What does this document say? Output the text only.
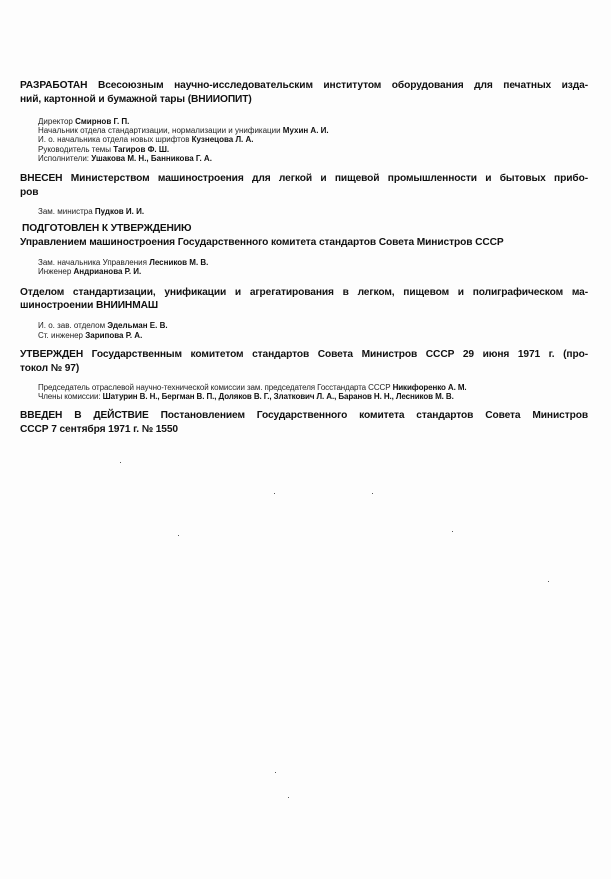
РАЗРАБОТАН Всесоюзным научно-исследовательским институтом оборудования для печатных изда-
ний, картонной и бумажной тары (ВНИИОПИТ)
Директор Смирнов Г. П.
Начальник отдела стандартизации, нормализации и унификации Мухин А. И.
И. о. начальника отдела новых шрифтов Кузнецова Л. А.
Руководитель темы Тагиров Ф. Ш.
Исполнители: Ушакова М. Н., Банникова Г. А.
ВНЕСЕН Министерством машиностроения для легкой и пищевой промышленности и бытовых прибо-
ров
Зам. министра Пудков И. И.
ПОДГОТОВЛЕН К УТВЕРЖДЕНИЮ
Управлением машиностроения Государственного комитета стандартов Совета Министров СССР
Зам. начальника Управления Лесников М. В.
Инженер Андрианова Р. И.
Отделом стандартизации, унификации и агрегатирования в легком, пищевом и полиграфическом ма-
шиностроении ВНИИНМАШ
И. о. зав. отделом Эдельман Е. В.
Ст. инженер Зарипова Р. А.
УТВЕРЖДЕН Государственным комитетом стандартов Совета Министров СССР 29 июня 1971 г. (про-
токол № 97)
Председатель отраслевой научно-технической комиссии зам. председателя Госстандарта СССР Никифоренко А. М.
Члены комиссии: Шатурин В. Н., Бергман В. П., Доляков В. Г., Златкович Л. А., Баранов Н. Н., Лесников М. В.
ВВЕДЕН В ДЕЙСТВИЕ Постановлением Государственного комитета стандартов Совета Министров
СССР 7 сентября 1971 г. № 1550
